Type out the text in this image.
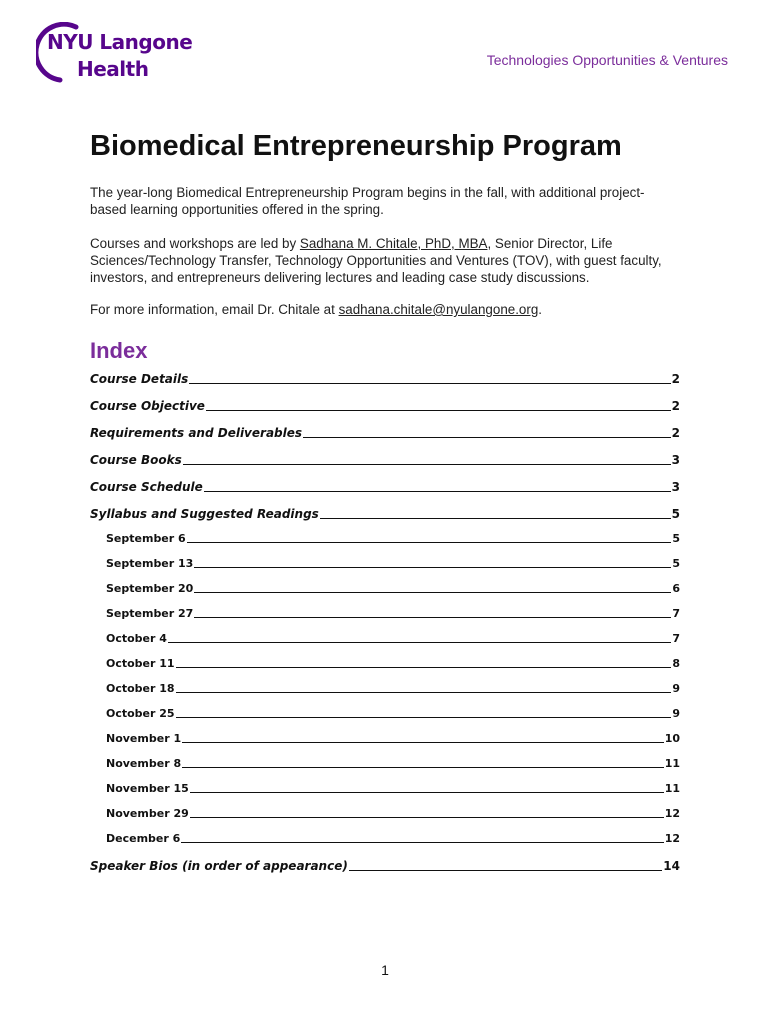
NYU Langone
Health	Technologies Opportunities & Ventures
Biomedical Entrepreneurship Program

The year-long Biomedical Entrepreneurship Program begins in the fall, with additional project-based learning opportunities offered in the spring.

Courses and workshops are led by Sadhana M. Chitale, PhD, MBA, Senior Director, Life Sciences/Technology Transfer, Technology Opportunities and Ventures (TOV), with guest faculty, investors, and entrepreneurs delivering lectures and leading case study discussions.

For more information, email Dr. Chitale at sadhana.chitale@nyulangone.org.

Index
Course Details	2
Course Objective	2
Requirements and Deliverables	2
Course Books	3
Course Schedule	3
Syllabus and Suggested Readings	5
September 6	5
September 13	5
September 20	6
September 27	7
October 4	7
October 11	8
October 18	9
October 25	9
November 1	10
November 8	11
November 15	11
November 29	12
December 6	12
Speaker Bios (in order of appearance)	14
1
